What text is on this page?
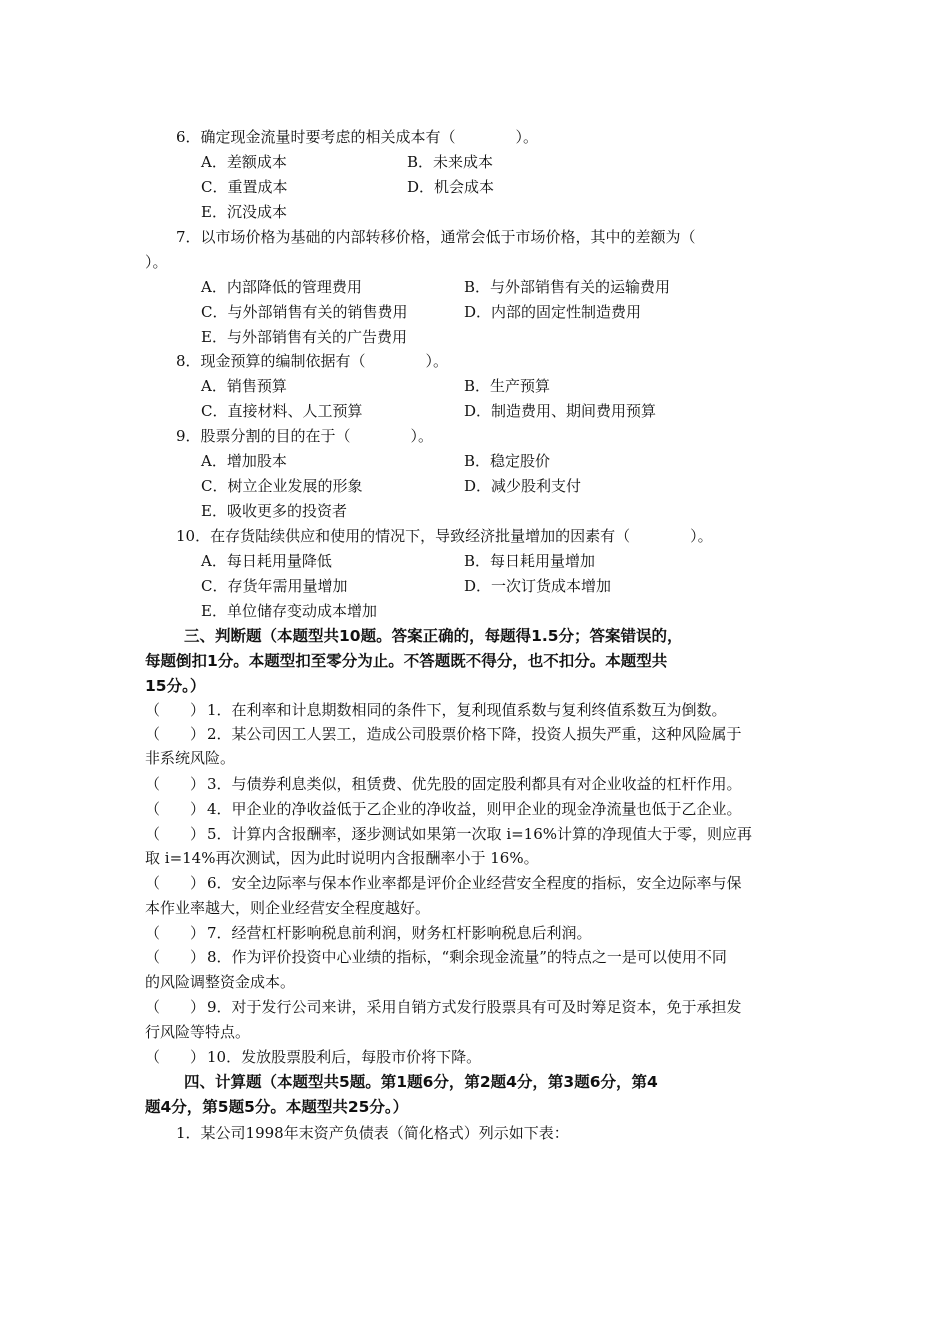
6．确定现金流量时要考虑的相关成本有（　　　　）。
A．差额成本	B．未来成本
C．重置成本	D．机会成本
E．沉没成本
7．以市场价格为基础的内部转移价格，通常会低于市场价格，其中的差额为（
）。
A．内部降低的管理费用	B．与外部销售有关的运输费用
C．与外部销售有关的销售费用	D．内部的固定性制造费用
E．与外部销售有关的广告费用
8．现金预算的编制依据有（　　　　）。
A．销售预算	B．生产预算
C．直接材料、人工预算	D．制造费用、期间费用预算
9．股票分割的目的在于（　　　　）。
A．增加股本	B．稳定股价
C．树立企业发展的形象	D．减少股利支付
E．吸收更多的投资者
10．在存货陆续供应和使用的情况下，导致经济批量增加的因素有（　　　　）。
A．每日耗用量降低	B．每日耗用量增加
C．存货年需用量增加	D．一次订货成本增加
E．单位储存变动成本增加
三、判断题（本题型共10题。答案正确的，每题得1.5分；答案错误的，
每题倒扣1分。本题型扣至零分为止。不答题既不得分，也不扣分。本题型共
15分。）
（　　） 1．在利率和计息期数相同的条件下，复利现值系数与复利终值系数互为倒数。
（　　） 2．某公司因工人罢工，造成公司股票价格下降，投资人损失严重，这种风险属于
非系统风险。
（　　） 3．与债券利息类似，租赁费、优先股的固定股利都具有对企业收益的杠杆作用。
（　　） 4．甲企业的净收益低于乙企业的净收益，则甲企业的现金净流量也低于乙企业。
（　　） 5．计算内含报酬率，逐步测试如果第一次取 i=16%计算的净现值大于零，则应再
取 i=14%再次测试，因为此时说明内含报酬率小于 16%。
（　　） 6．安全边际率与保本作业率都是评价企业经营安全程度的指标，安全边际率与保
本作业率越大，则企业经营安全程度越好。
（　　） 7．经营杠杆影响税息前利润，财务杠杆影响税息后利润。
（　　） 8．作为评价投资中心业绩的指标，“剩余现金流量”的特点之一是可以使用不同
的风险调整资金成本。
（　　） 9．对于发行公司来讲，采用自销方式发行股票具有可及时筹足资本，免于承担发
行风险等特点。
（　　） 10．发放股票股利后，每股市价将下降。
四、计算题（本题型共5题。第1题6分，第2题4分，第3题6分，第4
题4分，第5题5分。本题型共25分。）
1．某公司1998年末资产负债表（简化格式）列示如下表：
